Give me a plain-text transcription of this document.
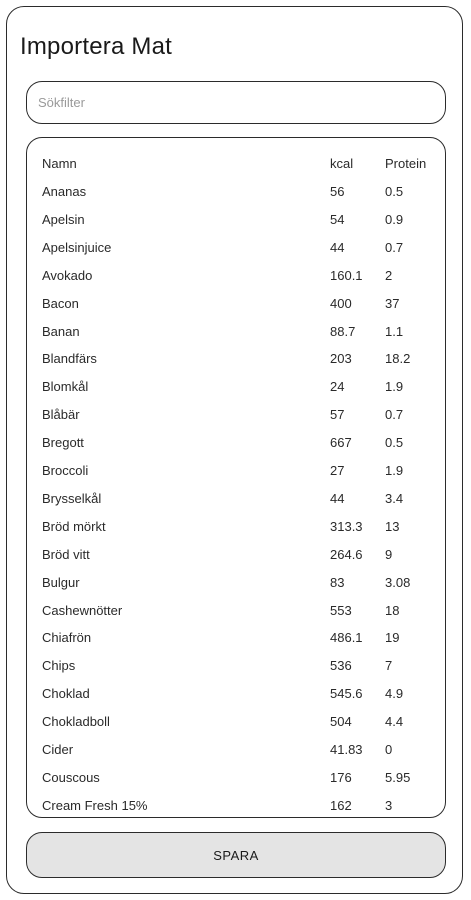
Importera Mat
Sökfilter
Namn	kcal Protein
Ananas	56	0.5
Apelsin	54	0.9
Apelsinjuice	44	0.7
Avokado	160.1 2
Bacon	400	37
Banan	88.7 1.1
Blandfärs	203	18.2
Blomkål	24	1.9
Blåbär	57	0.7
Bregott	667	0.5
Broccoli	27	1.9
Brysselkål	44	3.4
Bröd mörkt	313.3 13
Bröd vitt	264.6 9
Bulgur	83	3.08
Cashewnötter	553	18
Chiafrön	486.1 19
Chips	536	7
Choklad	545.6 4.9
Chokladboll	504	4.4
Cider	41.83 0
Couscous	176	5.95
Cream Fresh 15%	162	3
SPARA
